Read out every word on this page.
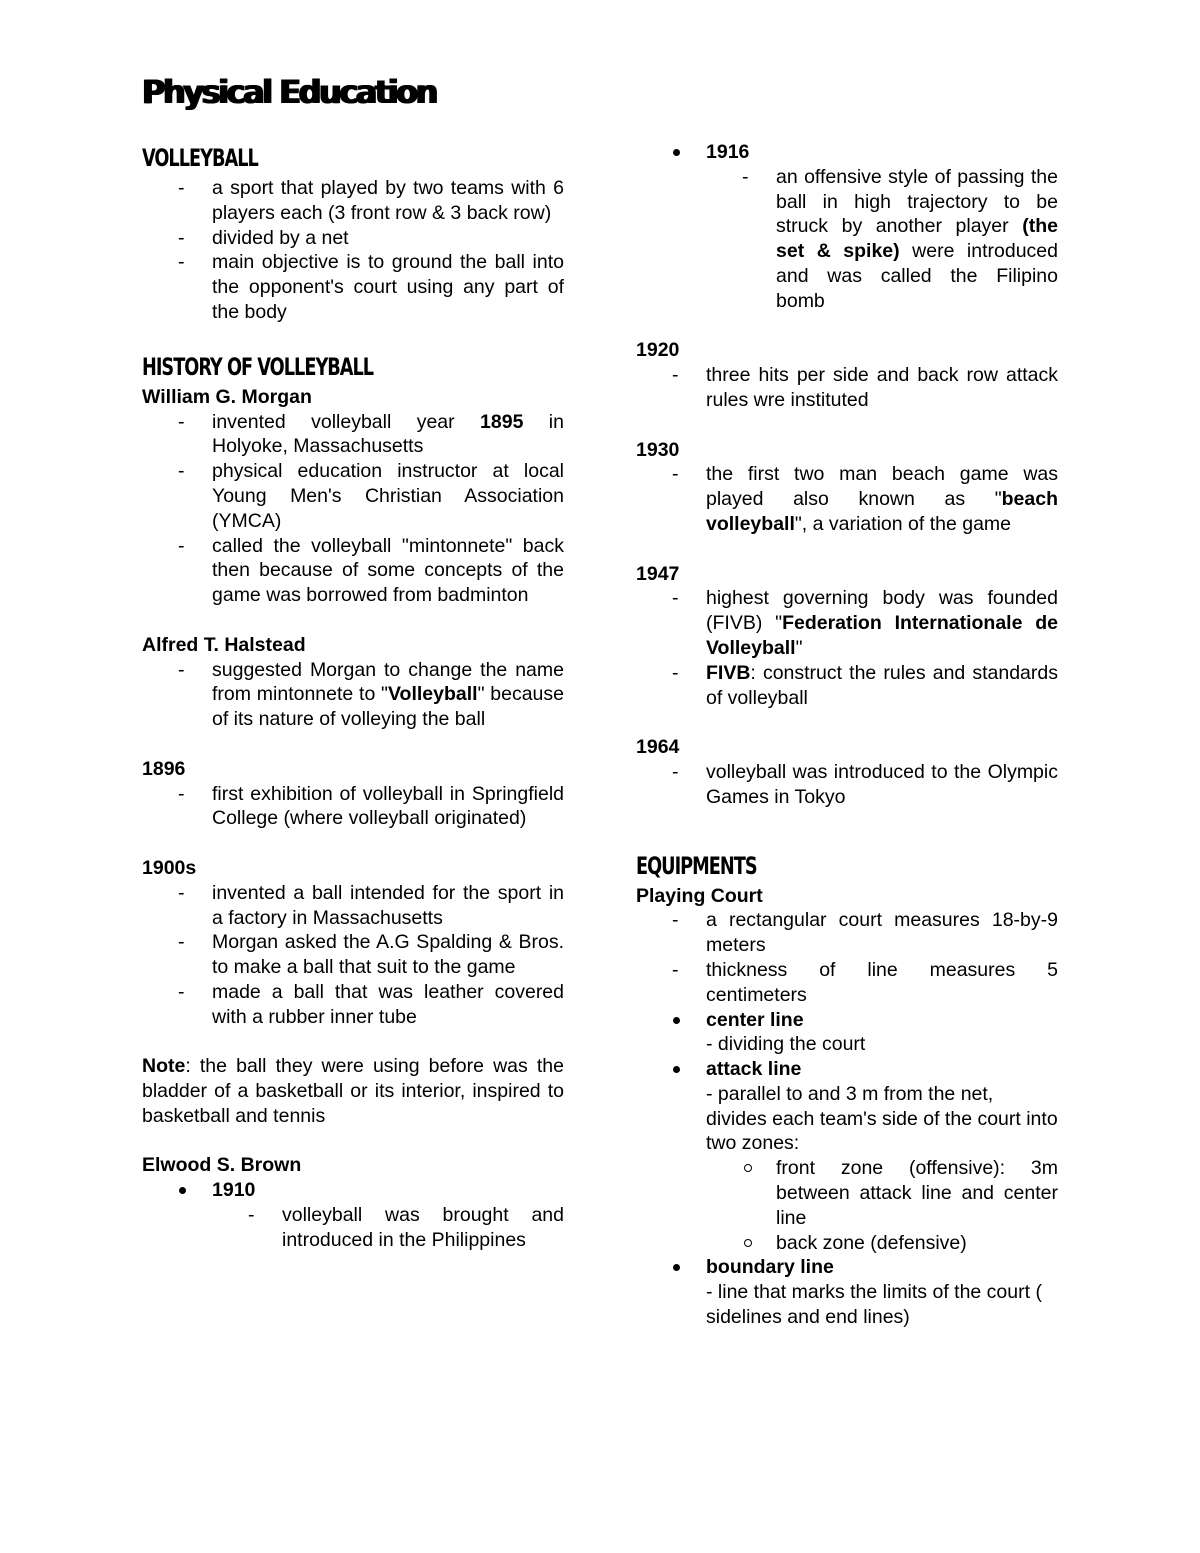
Physical Education
VOLLEYBALL
- a sport that played by two teams with 6 players each (3 front row & 3 back row)
- divided by a net
- main objective is to ground the ball into the opponent's court using any part of the body
HISTORY OF VOLLEYBALL
William G. Morgan
- invented volleyball year 1895 in Holyoke, Massachusetts
- physical education instructor at local Young Men's Christian Association (YMCA)
- called the volleyball "mintonnete" back then because of some concepts of the game was borrowed from badminton
Alfred T. Halstead
- suggested Morgan to change the name from mintonnete to "Volleyball" because of its nature of volleying the ball
1896
- first exhibition of volleyball in Springfield College (where volleyball originated)
1900s
- invented a ball intended for the sport in a factory in Massachusetts
- Morgan asked the A.G Spalding & Bros. to make a ball that suit to the game
- made a ball that was leather covered with a rubber inner tube

Note: the ball they were using before was the bladder of a basketball or its interior, inspired to basketball and tennis

Elwood S. Brown
1910
- volleyball was brought and introduced in the Philippines
1916
- an offensive style of passing the ball in high trajectory to be struck by another player (the set & spike) were introduced and was called the Filipino bomb
1920
- three hits per side and back row attack rules wre instituted
1930
- the first two man beach game was played also known as "beach volleyball", a variation of the game
1947
- highest governing body was founded (FIVB) "Federation Internationale de Volleyball"
- FIVB: construct the rules and standards of volleyball
1964
- volleyball was introduced to the Olympic Games in Tokyo
EQUIPMENTS
Playing Court
- a rectangular court measures 18-by-9 meters
- thickness of line measures 5 centimeters
center line
- dividing the court
attack line
- parallel to and 3 m from the net, divides each team's side of the court into two zones:
front zone (offensive): 3m between attack line and center line
back zone (defensive)
boundary line
- line that marks the limits of the court ( sidelines and end lines)
